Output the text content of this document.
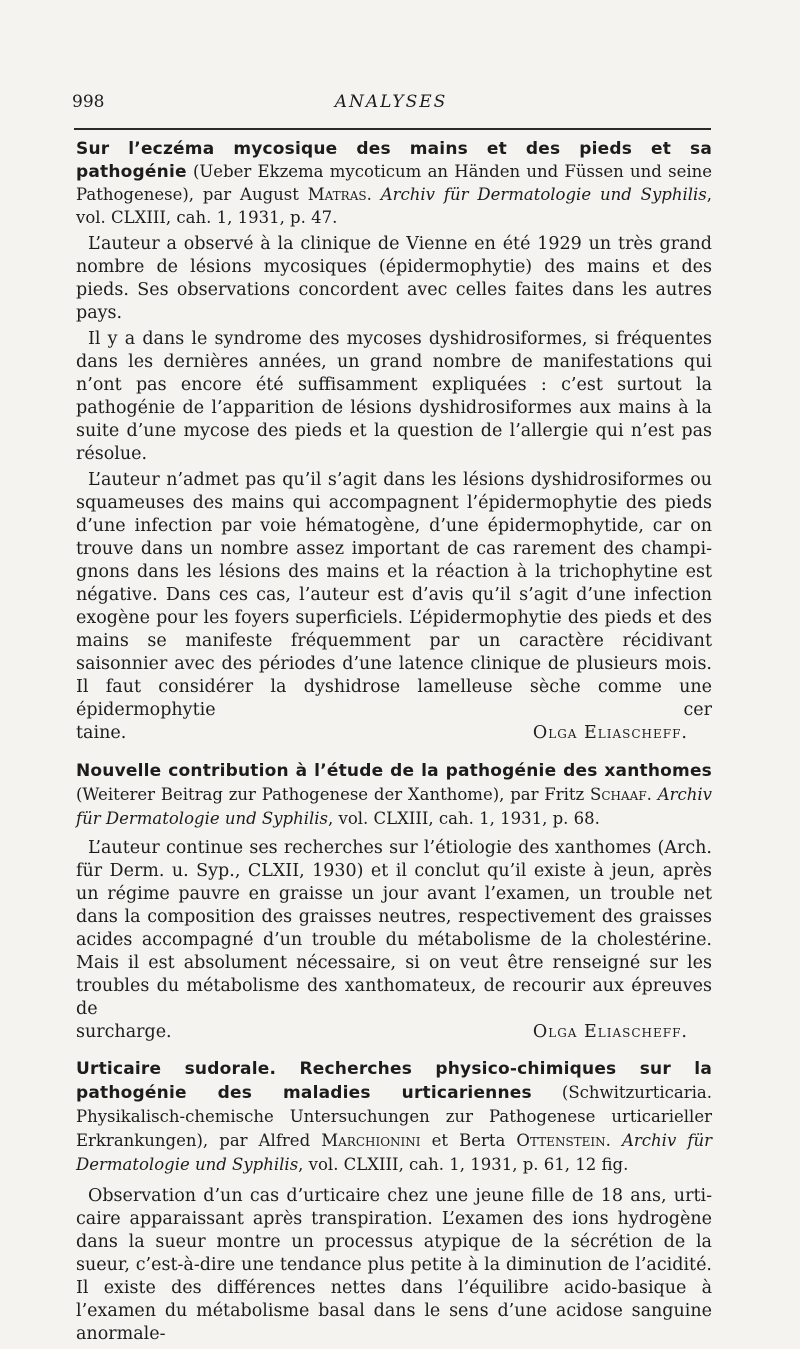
998	ANALYSES
Sur l’eczéma mycosique des mains et des pieds et sa pathogénie (Ueber Ekzema mycoticum an Händen und Füssen und seine Pathogenese), par August Matras. Archiv für Dermatologie und Syphilis, vol. CLXIII, cah. 1, 1931, p. 47.

L’auteur a observé à la clinique de Vienne en été 1929 un très grand nombre de lésions mycosiques (épidermophytie) des mains et des pieds. Ses observations concordent avec celles faites dans les autres pays.

Il y a dans le syndrome des mycoses dyshidrosiformes, si fréquentes dans les dernières années, un grand nombre de manifestations qui n’ont pas encore été suffisamment expliquées : c’est surtout la pathogénie de l’apparition de lésions dyshidrosiformes aux mains à la suite d’une mycose des pieds et la question de l’allergie qui n’est pas résolue.

L’auteur n’admet pas qu’il s’agit dans les lésions dyshidrosiformes ou squameuses des mains qui accompagnent l’épidermophytie des pieds d’une infection par voie hématogène, d’une épidermophytide, car on trouve dans un nombre assez important de cas rarement des champignons dans les lésions des mains et la réaction à la trichophytine est négative. Dans ces cas, l’auteur est d’avis qu’il s’agit d’une infection exogène pour les foyers superficiels. L’épidermophytie des pieds et des mains se manifeste fréquemment par un caractère récidivant saisonnier avec des périodes d’une latence clinique de plusieurs mois. Il faut considérer la dyshidrose lamelleuse sèche comme une épidermophytie cer

taine.	Olga Eliascheff.
Nouvelle contribution à l’étude de la pathogénie des xanthomes (Weiterer Beitrag zur Pathogenese der Xanthome), par Fritz Schaaf. Archiv für Dermatologie und Syphilis, vol. CLXIII, cah. 1, 1931, p. 68.

L’auteur continue ses recherches sur l’étiologie des xanthomes (Arch. für Derm. u. Syp., CLXII, 1930) et il conclut qu’il existe à jeun, après un régime pauvre en graisse un jour avant l’examen, un trouble net dans la composition des graisses neutres, respectivement des graisses acides accompagné d’un trouble du métabolisme de la cholestérine. Mais il est absolument nécessaire, si on veut être renseigné sur les troubles du métabolisme des xanthomateux, de recourir aux épreuves de

surcharge.	Olga Eliascheff.
Urticaire sudorale. Recherches physico-chimiques sur la pathogénie des maladies urticariennes (Schwitzurticaria. Physikalisch-chemische Untersuchungen zur Pathogenese urticarieller Erkrankungen), par Alfred Marchionini et Berta Ottenstein. Archiv für Dermatologie und Syphilis, vol. CLXIII, cah. 1, 1931, p. 61, 12 fig.

Observation d’un cas d’urticaire chez une jeune fille de 18 ans, urticaire apparaissant après transpiration. L’examen des ions hydrogène dans la sueur montre un processus atypique de la sécrétion de la sueur, c’est-à-dire une tendance plus petite à la diminution de l’acidité. Il existe des différences nettes dans l’équilibre acido-basique à l’examen du métabolisme basal dans le sens d’une acidose sanguine anormale-
